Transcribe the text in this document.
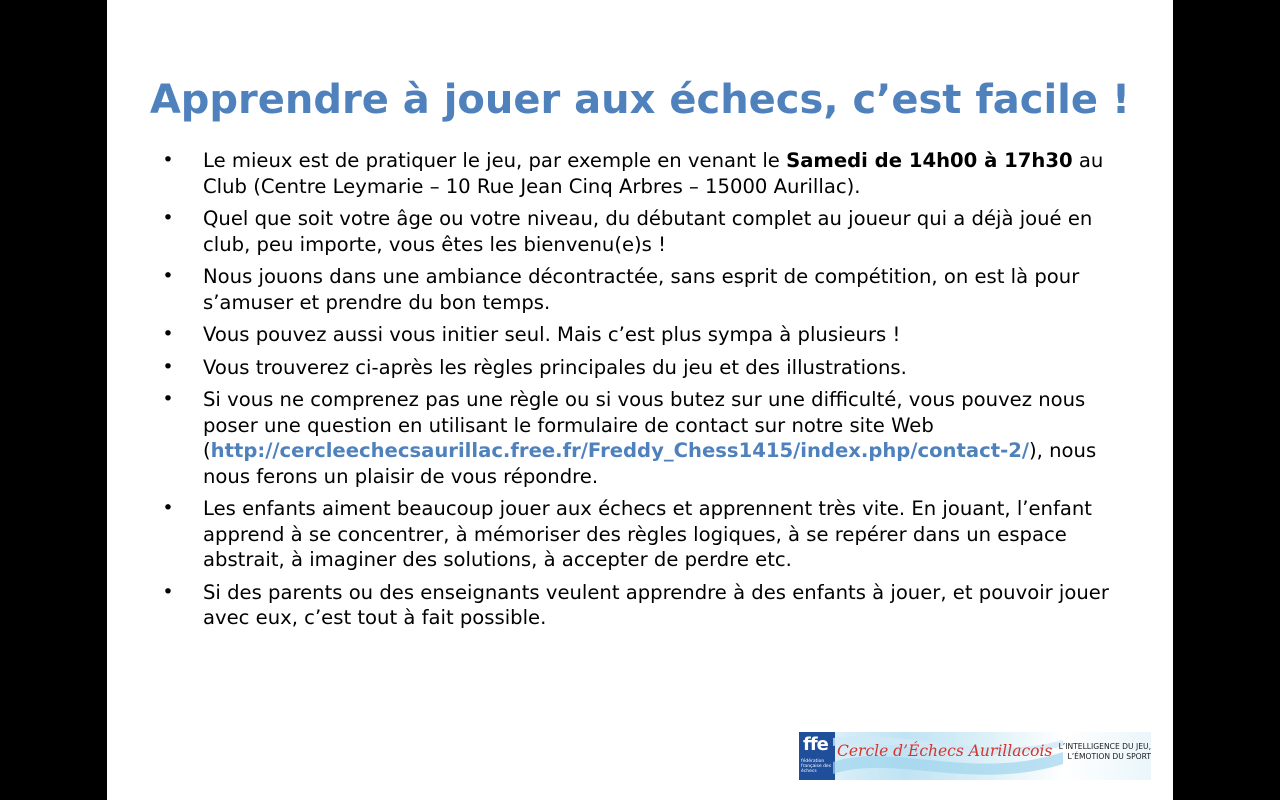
Apprendre à jouer aux échecs, c’est facile !
• Le mieux est de pratiquer le jeu, par exemple en venant le Samedi de 14h00 à 17h30 au Club (Centre Leymarie – 10 Rue Jean Cinq Arbres – 15000 Aurillac).
• Quel que soit votre âge ou votre niveau, du débutant complet au joueur qui a déjà joué en club, peu importe, vous êtes les bienvenu(e)s !
• Nous jouons dans une ambiance décontractée, sans esprit de compétition, on est là pour s’amuser et prendre du bon temps.
• Vous pouvez aussi vous initier seul. Mais c’est plus sympa à plusieurs !
• Vous trouverez ci-après les règles principales du jeu et des illustrations.
• Si vous ne comprenez pas une règle ou si vous butez sur une difficulté, vous pouvez nous poser une question en utilisant le formulaire de contact sur notre site Web (http://cercleechecsaurillac.free.fr/Freddy_Chess1415/index.php/contact-2/), nous nous ferons un plaisir de vous répondre.
• Les enfants aiment beaucoup jouer aux échecs et apprennent très vite. En jouant, l’enfant apprend à se concentrer, à mémoriser des règles logiques, à se repérer dans un espace abstrait, à imaginer des solutions, à accepter de perdre etc.
• Si des parents ou des enseignants veulent apprendre à des enfants à jouer, et pouvoir jouer avec eux, c’est tout à fait possible.
ffe
fédération française des échecs
Cercle d’Échecs Aurillacois L’INTELLIGENCE DU JEU,
L’ÉMOTION DU SPORT
